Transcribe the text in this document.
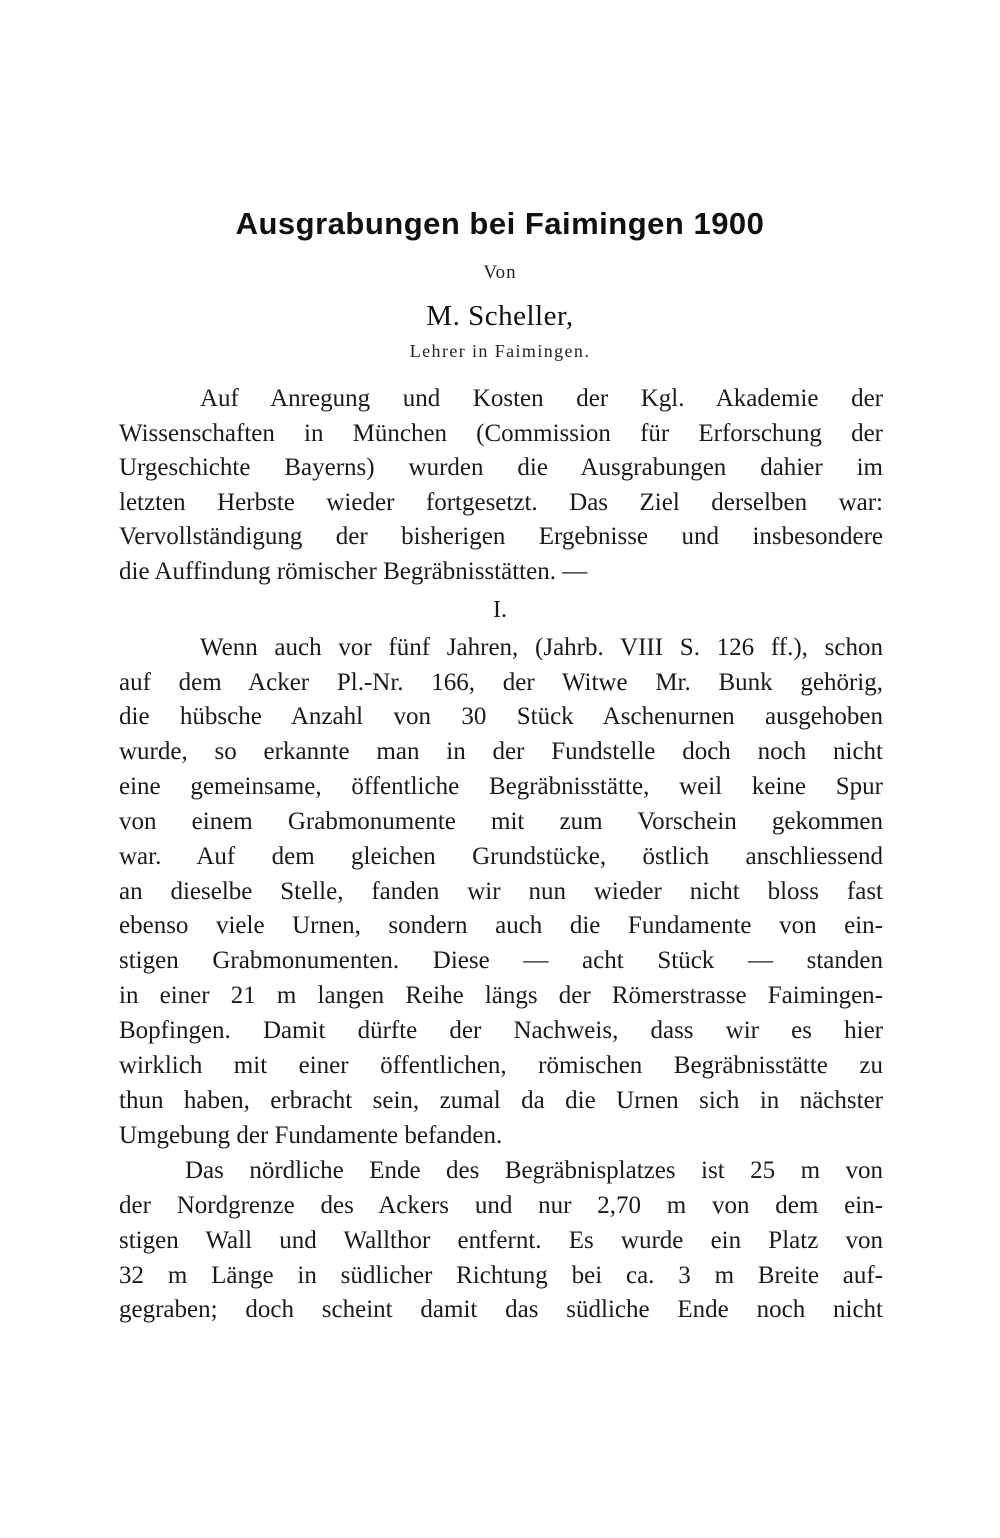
Ausgrabungen bei Faimingen 1900
Von
M. Scheller,
Lehrer in Faimingen.
Auf Anregung und Kosten der Kgl. Akademie der
Wissenschaften in München (Commission für Erforschung der
Urgeschichte Bayerns) wurden die Ausgrabungen dahier im
letzten Herbste wieder fortgesetzt. Das Ziel derselben war:
Vervollständigung der bisherigen Ergebnisse und insbesondere
die Auffindung römischer Begräbnisstätten. —
I.
Wenn auch vor fünf Jahren, (Jahrb. VIII S. 126 ff.), schon
auf dem Acker Pl.-Nr. 166, der Witwe Mr. Bunk gehörig,
die hübsche Anzahl von 30 Stück Aschenurnen ausgehoben
wurde, so erkannte man in der Fundstelle doch noch nicht
eine gemeinsame, öffentliche Begräbnisstätte, weil keine Spur
von einem Grabmonumente mit zum Vorschein gekommen
war. Auf dem gleichen Grundstücke, östlich anschliessend
an dieselbe Stelle, fanden wir nun wieder nicht bloss fast
ebenso viele Urnen, sondern auch die Fundamente von ein-
stigen Grabmonumenten. Diese — acht Stück — standen
in einer 21 m langen Reihe längs der Römerstrasse Faimingen-
Bopfingen. Damit dürfte der Nachweis, dass wir es hier
wirklich mit einer öffentlichen, römischen Begräbnisstätte zu
thun haben, erbracht sein, zumal da die Urnen sich in nächster
Umgebung der Fundamente befanden.
Das nördliche Ende des Begräbnisplatzes ist 25 m von
der Nordgrenze des Ackers und nur 2,70 m von dem ein-
stigen Wall und Wallthor entfernt. Es wurde ein Platz von
32 m Länge in südlicher Richtung bei ca. 3 m Breite auf-
gegraben; doch scheint damit das südliche Ende noch nicht
